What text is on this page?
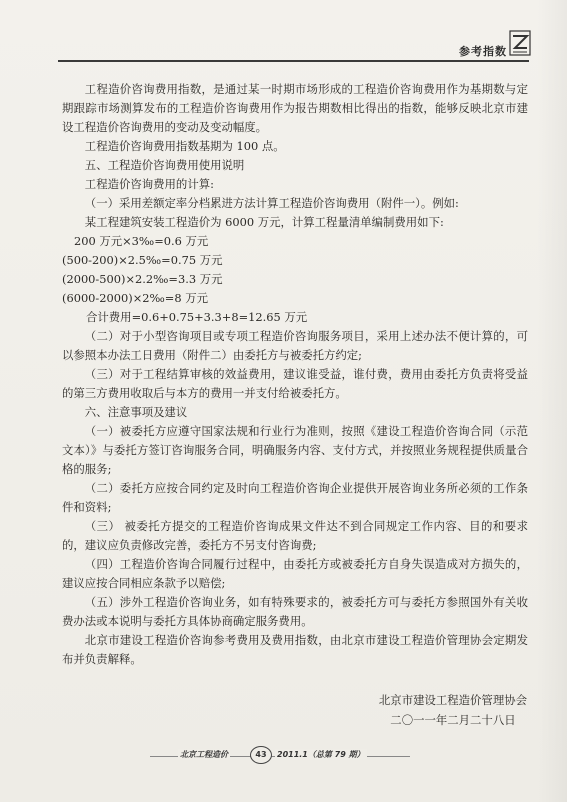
参考指数

工程造价咨询费用指数，是通过某一时期市场形成的工程造价咨询费用作为基期数与定期跟踪市场测算发布的工程造价咨询费用作为报告期数相比得出的指数，能够反映北京市建设工程造价咨询费用的变动及变动幅度。

工程造价咨询费用指数基期为 100 点。

五、工程造价咨询费用使用说明

工程造价咨询费用的计算:

（一）采用差额定率分档累进方法计算工程造价咨询费用（附件一）。例如:

某工程建筑安装工程造价为 6000 万元，计算工程量清单编制费用如下:

200 万元×3‰=0.6 万元

(500-200)×2.5‰=0.75 万元

(2000-500)×2.2‰=3.3 万元

(6000-2000)×2‰=8 万元

合计费用=0.6+0.75+3.3+8=12.65 万元

（二）对于小型咨询项目或专项工程造价咨询服务项目，采用上述办法不便计算的，可以参照本办法工日费用（附件二）由委托方与被委托方约定;

（三）对于工程结算审核的效益费用，建议谁受益，谁付费，费用由委托方负责将受益的第三方费用收取后与本方的费用一并支付给被委托方。

六、注意事项及建议

（一）被委托方应遵守国家法规和行业行为准则，按照《建设工程造价咨询合同（示范文本）》与委托方签订咨询服务合同，明确服务内容、支付方式，并按照业务规程提供质量合格的服务;

（二）委托方应按合同约定及时向工程造价咨询企业提供开展咨询业务所必须的工作条件和资料;

（三） 被委托方提交的工程造价咨询成果文件达不到合同规定工作内容、目的和要求的，建议应负责修改完善，委托方不另支付咨询费;

（四）工程造价咨询合同履行过程中，由委托方或被委托方自身失误造成对方损失的，建议应按合同相应条款予以赔偿;

（五）涉外工程造价咨询业务，如有特殊要求的，被委托方可与委托方参照国外有关收费办法或本说明与委托方具体协商确定服务费用。

北京市建设工程造价咨询参考费用及费用指数，由北京市建设工程造价管理协会定期发布并负责解释。

北京市建设工程造价管理协会
二〇一一年二月二十八日
北京工程造价	43	2011.1（总第 79 期）
